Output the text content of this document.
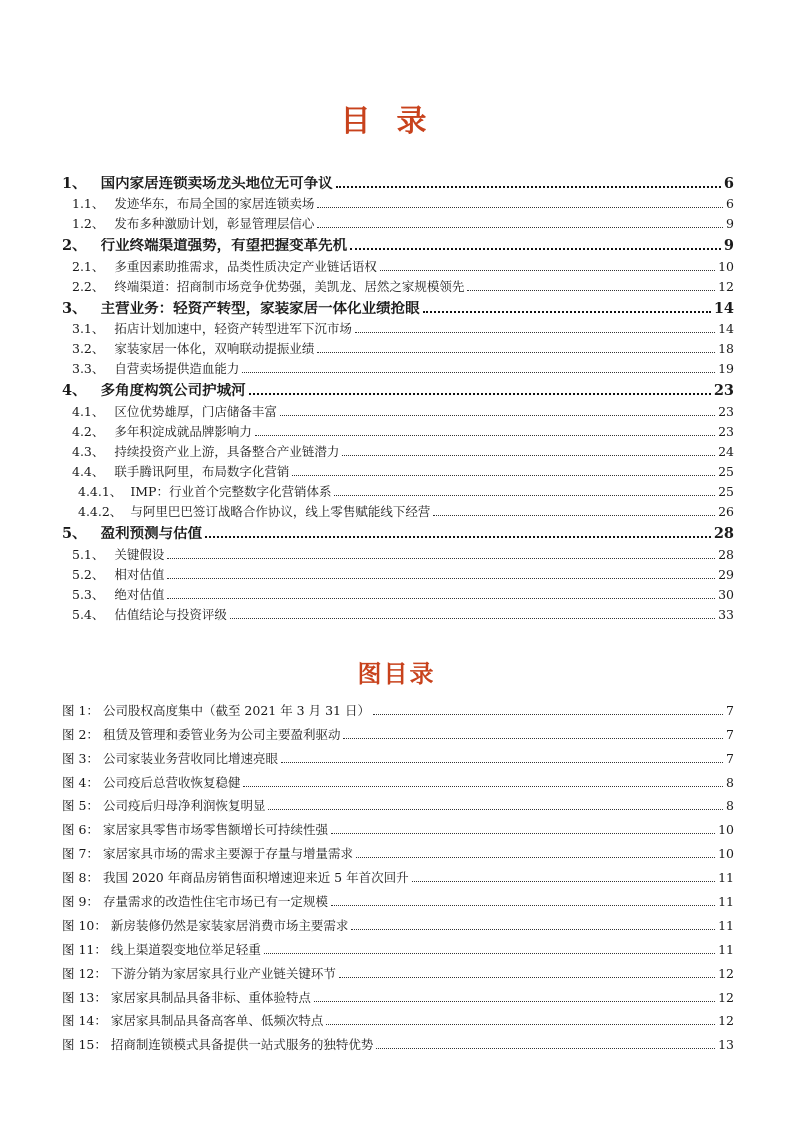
目录
1、 国内家居连锁卖场龙头地位无可争议	6
1.1、 发迹华东，布局全国的家居连锁卖场	6
1.2、 发布多种激励计划，彰显管理层信心	9
2、 行业终端渠道强势，有望把握变革先机	9
2.1、 多重因素助推需求，品类性质决定产业链话语权	10
2.2、 终端渠道：招商制市场竞争优势强，美凯龙、居然之家规模领先	12
3、 主营业务：轻资产转型，家装家居一体化业绩抢眼	14
3.1、 拓店计划加速中，轻资产转型进军下沉市场	14
3.2、 家装家居一体化，双响联动提振业绩	18
3.3、 自营卖场提供造血能力	19
4、 多角度构筑公司护城河	23
4.1、 区位优势雄厚，门店储备丰富	23
4.2、 多年积淀成就品牌影响力	23
4.3、 持续投资产业上游，具备整合产业链潜力	24
4.4、 联手腾讯阿里，布局数字化营销	25
4.4.1、 IMP：行业首个完整数字化营销体系	25
4.4.2、 与阿里巴巴签订战略合作协议，线上零售赋能线下经营	26
5、 盈利预测与估值	28
5.1、 关键假设	28
5.2、 相对估值	29
5.3、 绝对估值	30
5.4、 估值结论与投资评级	33
图目录
图 1： 公司股权高度集中（截至 2021 年 3 月 31 日）	7
图 2： 租赁及管理和委管业务为公司主要盈利驱动	7
图 3： 公司家装业务营收同比增速亮眼	7
图 4： 公司疫后总营收恢复稳健	8
图 5： 公司疫后归母净利润恢复明显	8
图 6： 家居家具零售市场零售额增长可持续性强	10
图 7： 家居家具市场的需求主要源于存量与增量需求	10
图 8： 我国 2020 年商品房销售面积增速迎来近 5 年首次回升	11
图 9： 存量需求的改造性住宅市场已有一定规模	11
图 10： 新房装修仍然是家装家居消费市场主要需求	11
图 11： 线上渠道裂变地位举足轻重	11
图 12： 下游分销为家居家具行业产业链关键环节	12
图 13： 家居家具制品具备非标、重体验特点	12
图 14： 家居家具制品具备高客单、低频次特点	12
图 15： 招商制连锁模式具备提供一站式服务的独特优势	13
